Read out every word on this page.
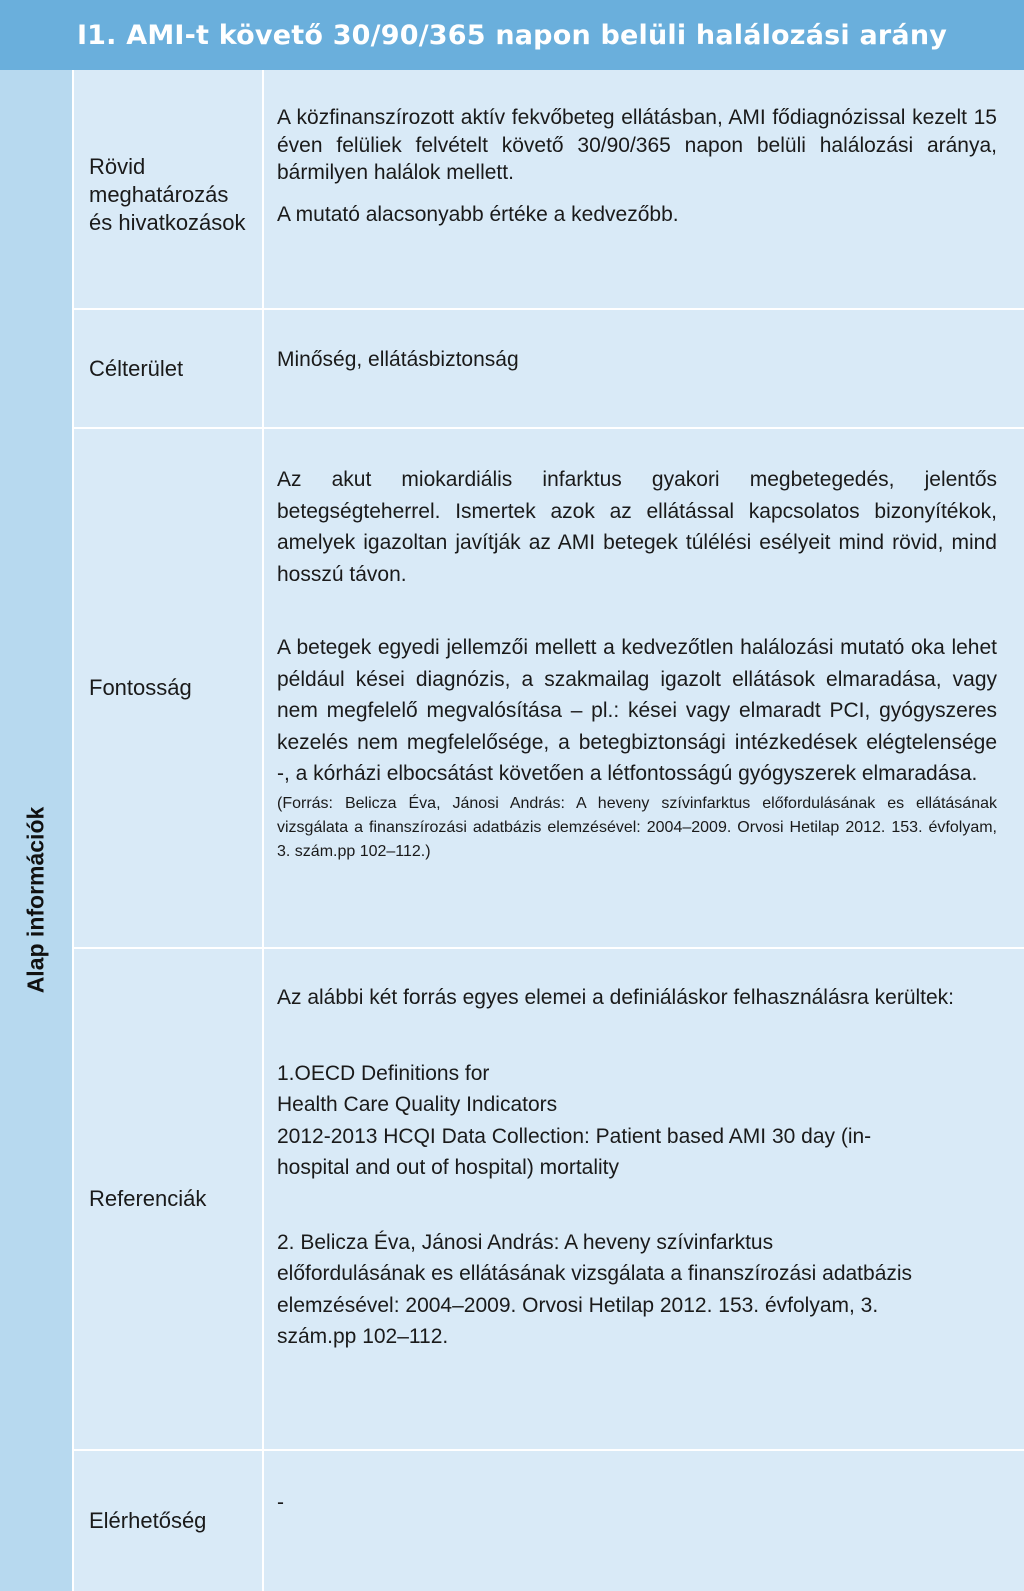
I1. AMI-t követő 30/90/365 napon belüli halálozási arány
Alap információk
Rövid meghatározás és hivatkozások

A közfinanszírozott aktív fekvőbeteg ellátásban, AMI fődiagnózissal kezelt 15 éven felüliek felvételt követő 30/90/365 napon belüli halálozási aránya, bármilyen halálok mellett.

A mutató alacsonyabb értéke a kedvezőbb.

Célterület	Minőség, ellátásbiztonság

Fontosság

Az akut miokardiális infarktus gyakori megbetegedés, jelentős betegségteherrel. Ismertek azok az ellátással kapcsolatos bizonyítékok, amelyek igazoltan javítják az AMI betegek túlélési esélyeit mind rövid, mind hosszú távon.

A betegek egyedi jellemzői mellett a kedvezőtlen halálozási mutató oka lehet például kései diagnózis, a szakmailag igazolt ellátások elmaradása, vagy nem megfelelő megvalósítása – pl.: kései vagy elmaradt PCI, gyógyszeres kezelés nem megfelelősége, a betegbiztonsági intézkedések elégtelensége -, a kórházi elbocsátást követően a létfontosságú gyógyszerek elmaradása.

(Forrás: Belicza Éva, Jánosi András: A heveny szívinfarktus előfordulásának es ellátásának vizsgálata a finanszírozási adatbázis elemzésével: 2004–2009. Orvosi Hetilap 2012. 153. évfolyam, 3. szám.pp 102–112.)

Referenciák

Az alábbi két forrás egyes elemei a definiáláskor felhasználásra kerültek:

1.OECD Definitions for
Health Care Quality Indicators
2012-2013 HCQI Data Collection: Patient based AMI 30 day (in-
hospital and out of hospital) mortality
2. Belicza Éva, Jánosi András: A heveny szívinfarktus
előfordulásának es ellátásának vizsgálata a finanszírozási adatbázis
elemzésével: 2004–2009. Orvosi Hetilap 2012. 153. évfolyam, 3.
szám.pp 102–112.
Elérhetőség
-
